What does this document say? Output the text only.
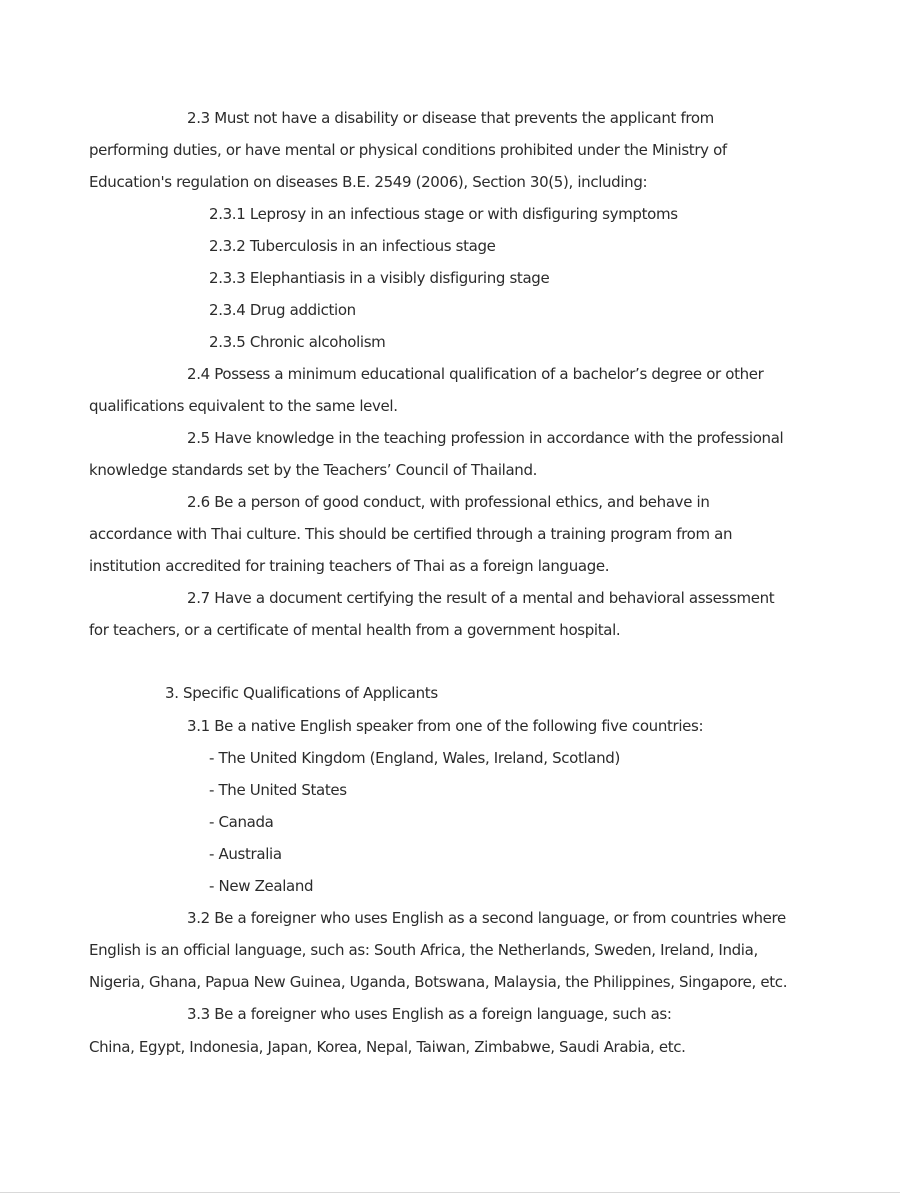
2.3 Must not have a disability or disease that prevents the applicant from
performing duties, or have mental or physical conditions prohibited under the Ministry of
Education's regulation on diseases B.E. 2549 (2006), Section 30(5), including:
2.3.1 Leprosy in an infectious stage or with disfiguring symptoms
2.3.2 Tuberculosis in an infectious stage
2.3.3 Elephantiasis in a visibly disfiguring stage
2.3.4 Drug addiction
2.3.5 Chronic alcoholism
2.4 Possess a minimum educational qualification of a bachelor’s degree or other
qualifications equivalent to the same level.
2.5 Have knowledge in the teaching profession in accordance with the professional
knowledge standards set by the Teachers’ Council of Thailand.
2.6 Be a person of good conduct, with professional ethics, and behave in
accordance with Thai culture. This should be certified through a training program from an
institution accredited for training teachers of Thai as a foreign language.
2.7 Have a document certifying the result of a mental and behavioral assessment
for teachers, or a certificate of mental health from a government hospital.
3. Specific Qualifications of Applicants
3.1 Be a native English speaker from one of the following five countries:
- The United Kingdom (England, Wales, Ireland, Scotland)
- The United States
- Canada
- Australia
- New Zealand
3.2 Be a foreigner who uses English as a second language, or from countries where
English is an official language, such as: South Africa, the Netherlands, Sweden, Ireland, India,
Nigeria, Ghana, Papua New Guinea, Uganda, Botswana, Malaysia, the Philippines, Singapore, etc.
3.3 Be a foreigner who uses English as a foreign language, such as:
China, Egypt, Indonesia, Japan, Korea, Nepal, Taiwan, Zimbabwe, Saudi Arabia, etc.
